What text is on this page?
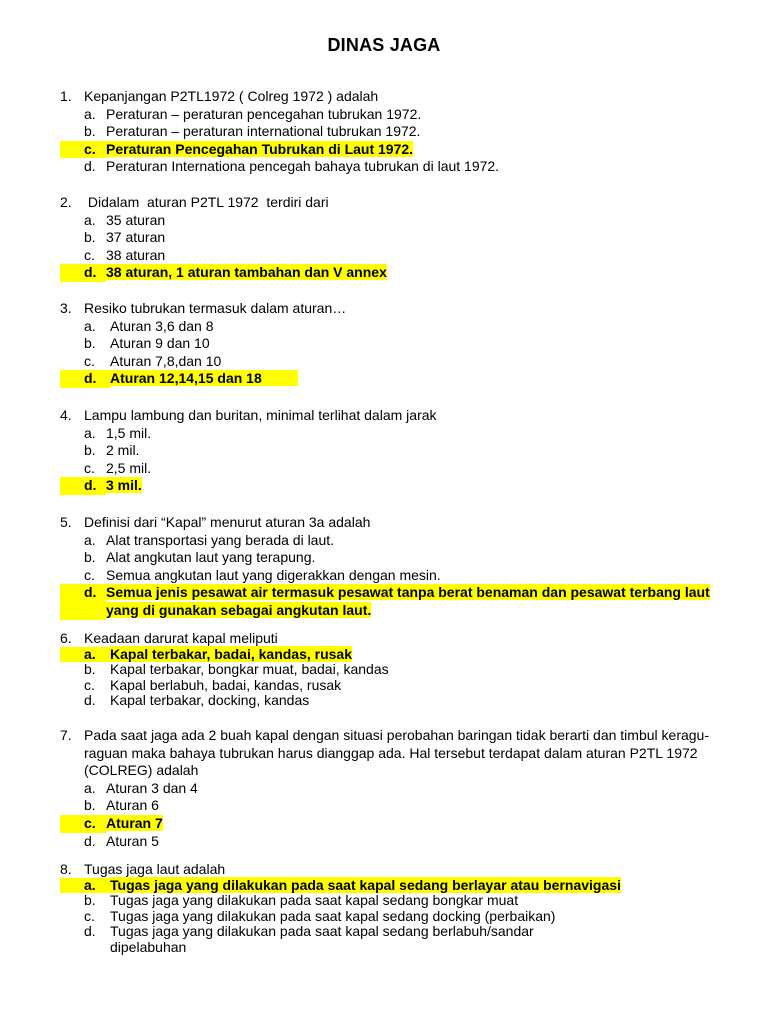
DINAS JAGA
1. Kepanjangan P2TL1972 ( Colreg 1972 ) adalah
a. Peraturan – peraturan pencegahan tubrukan 1972.
b. Peraturan – peraturan international tubrukan 1972.
c. Peraturan Pencegahan Tubrukan di Laut 1972.
d. Peraturan Internationa pencegah bahaya tubrukan di laut 1972.
2. Didalam  aturan P2TL 1972  terdiri dari
a. 35 aturan
b. 37 aturan
c. 38 aturan
d. 38 aturan, 1 aturan tambahan dan V annex
3. Resiko tubrukan termasuk dalam aturan…
a.	Aturan 3,6 dan 8
b.	Aturan 9 dan 10
c.	Aturan 7,8,dan 10
d. Aturan 12,14,15 dan 18
4. Lampu lambung dan buritan, minimal terlihat dalam jarak
a. 1,5 mil.
b. 2 mil.
c. 2,5 mil.
d. 3 mil.
5. Definisi dari “Kapal” menurut aturan 3a adalah
a. Alat transportasi yang berada di laut.
b. Alat angkutan laut yang terapung.
c. Semua angkutan laut yang digerakkan dengan mesin.
d. Semua jenis pesawat air termasuk pesawat tanpa berat benaman dan pesawat terbang laut yang di gunakan sebagai angkutan laut.
6. Keadaan darurat kapal meliputi
a.	Kapal terbakar, badai, kandas, rusak
b.	Kapal terbakar, bongkar muat, badai, kandas
c.	Kapal berlabuh, badai, kandas, rusak
d.	Kapal terbakar, docking, kandas
7. Pada saat jaga ada 2 buah kapal dengan situasi perobahan baringan tidak berarti dan timbul keragu-raguan maka bahaya tubrukan harus dianggap ada. Hal tersebut terdapat dalam aturan P2TL 1972 (COLREG) adalah
a. Aturan 3 dan 4
b. Aturan 6
c. Aturan 7
d. Aturan 5
8. Tugas jaga laut adalah
a.	Tugas jaga yang dilakukan pada saat kapal sedang berlayar atau bernavigasi
b.	Tugas jaga yang dilakukan pada saat kapal sedang bongkar muat
c.	Tugas jaga yang dilakukan pada saat kapal sedang docking (perbaikan)
d.	Tugas jaga yang dilakukan pada saat kapal sedang berlabuh/sandar dipelabuhan
